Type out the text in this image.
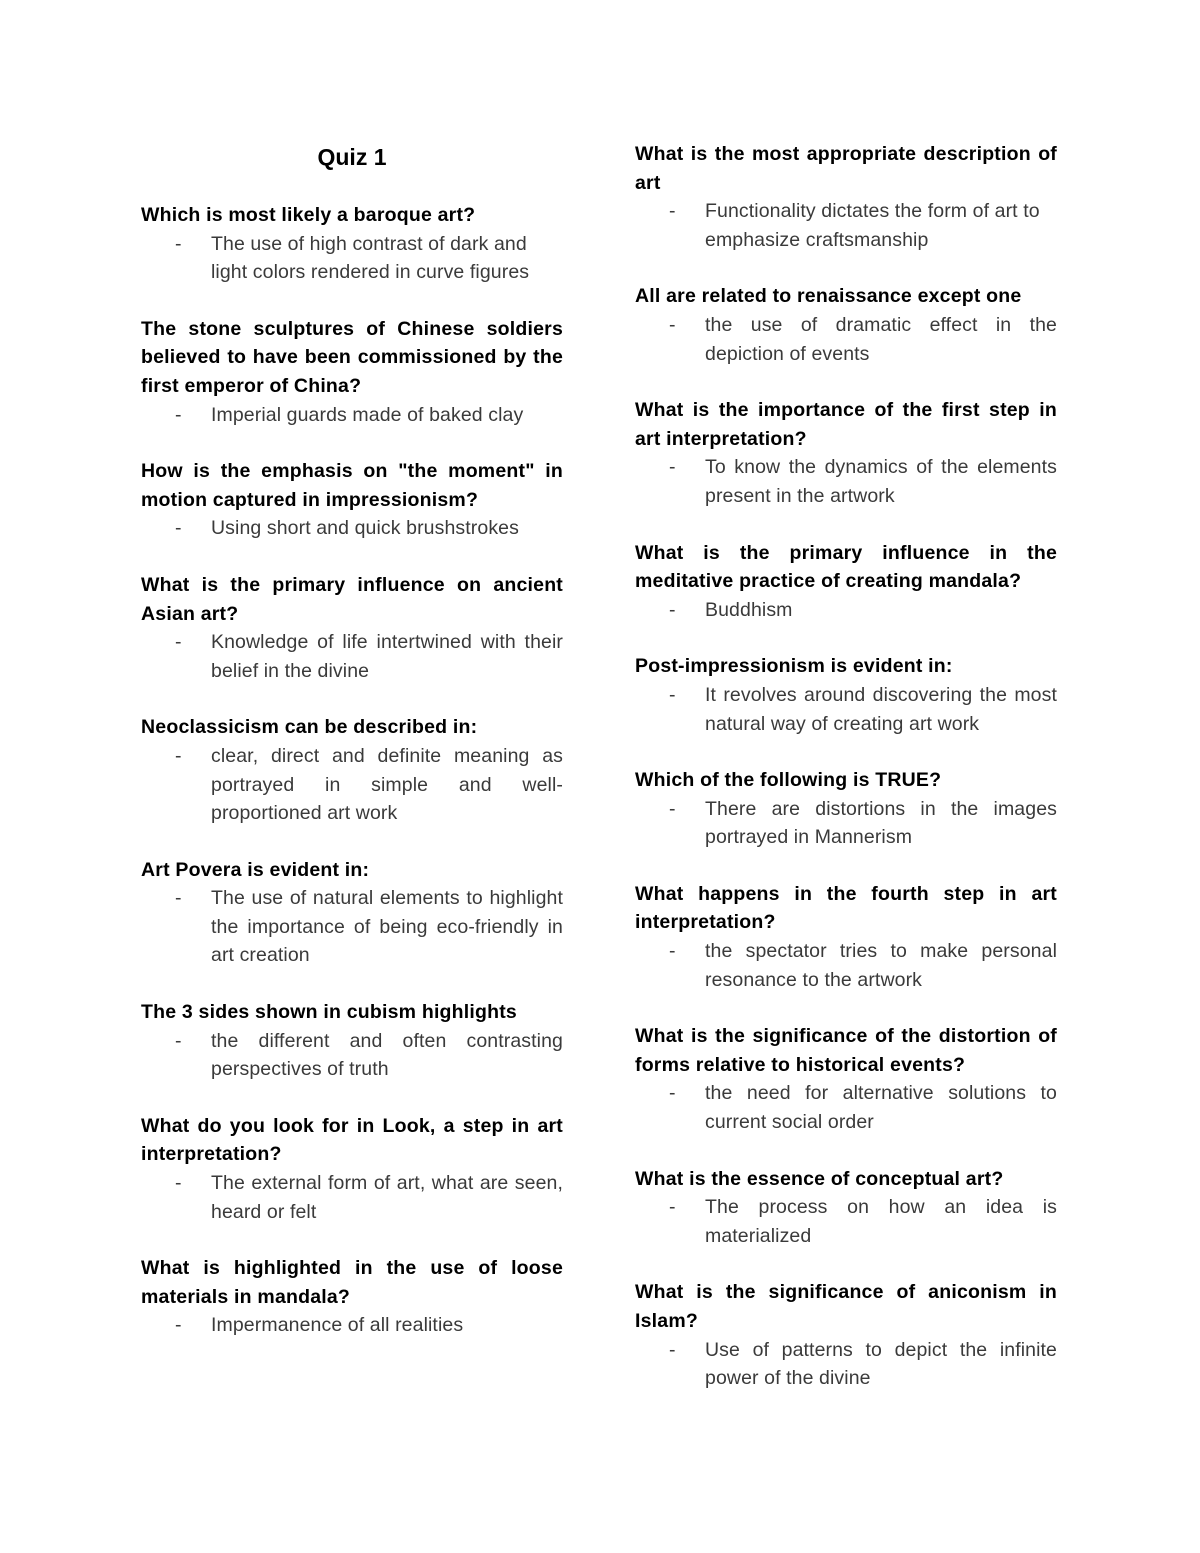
Quiz 1
Which is most likely a baroque art?
- The use of high contrast of dark and light colors rendered in curve figures
The stone sculptures of Chinese soldiers believed to have been commissioned by the first emperor of China?
- Imperial guards made of baked clay
How is the emphasis on "the moment" in motion captured in impressionism?
- Using short and quick brushstrokes
What is the primary influence on ancient Asian art?
- Knowledge of life intertwined with their belief in the divine
Neoclassicism can be described in:
- clear, direct and definite meaning as portrayed in simple and well-proportioned art work
Art Povera is evident in:
- The use of natural elements to highlight the importance of being eco-friendly in art creation
The 3 sides shown in cubism highlights
- the different and often contrasting perspectives of truth
What do you look for in Look, a step in art interpretation?
- The external form of art, what are seen, heard or felt
What is highlighted in the use of loose materials in mandala?
- Impermanence of all realities
What is the most appropriate description of art
- Functionality dictates the form of art to emphasize craftsmanship
All are related to renaissance except one
- the use of dramatic effect in the depiction of events
What is the importance of the first step in art interpretation?
- To know the dynamics of the elements present in the artwork
What is the primary influence in the meditative practice of creating mandala?
- Buddhism
Post-impressionism is evident in:
- It revolves around discovering the most natural way of creating art work
Which of the following is TRUE?
- There are distortions in the images portrayed in Mannerism
What happens in the fourth step in art interpretation?
- the spectator tries to make personal resonance to the artwork
What is the significance of the distortion of forms relative to historical events?
- the need for alternative solutions to current social order
What is the essence of conceptual art?
- The process on how an idea is materialized
What is the significance of aniconism in Islam?
- Use of patterns to depict the infinite power of the divine
